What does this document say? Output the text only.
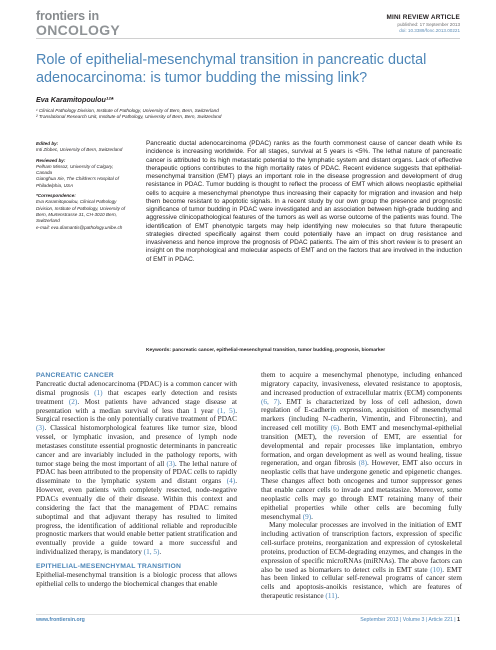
frontiers in
ONCOLOGY
MINI REVIEW ARTICLE
published: 17 September 2013
doi: 10.3389/fonc.2013.00221
Role of epithelial-mesenchymal transition in pancreatic ductal adenocarcinoma: is tumor budding the missing link?
Eva Karamitopoulou¹²*
¹ Clinical Pathology Division, Institute of Pathology, University of Bern, Bern, Switzerland
² Translational Research Unit, Institute of Pathology, University of Bern, Bern, Switzerland
Edited by:
Inti Zlobec, University of Bern, Switzerland
Reviewed by:
Pelham Minsoz, University of Calgary, Canada
Gianghua Xie, The Children's Hospital of Philadelphia, USA
*Correspondence:
Eva Karamitopoulou, Clinical Pathology Division, Institute of Pathology, University of Bern, Murtenstrasse 31, CH-3010 Bern, Switzerland
e-mail: eva.diamantis@pathology.unibe.ch
Pancreatic ductal adenocarcinoma (PDAC) ranks as the fourth commonest cause of cancer death while its incidence is increasing worldwide. For all stages, survival at 5 years is <5%. The lethal nature of pancreatic cancer is attributed to its high metastatic potential to the lymphatic system and distant organs. Lack of effective therapeutic options contributes to the high mortality rates of PDAC. Recent evidence suggests that epithelial-mesenchymal transition (EMT) plays an important role in the disease progression and development of drug resistance in PDAC. Tumor budding is thought to reflect the process of EMT which allows neoplastic epithelial cells to acquire a mesenchymal phenotype thus increasing their capacity for migration and invasion and help them become resistant to apoptotic signals. In a recent study by our own group the presence and prognostic significance of tumor budding in PDAC were investigated and an association between high-grade budding and aggressive clinicopathological features of the tumors as well as worse outcome of the patients was found. The identification of EMT phenotypic targets may help identifying new molecules so that future therapeutic strategies directed specifically against them could potentially have an impact on drug resistance and invasiveness and hence improve the prognosis of PDAC patients. The aim of this short review is to present an insight on the morphological and molecular aspects of EMT and on the factors that are involved in the induction of EMT in PDAC.
Keywords: pancreatic cancer, epithelial-mesenchymal transition, tumor budding, prognosis, biomarker
PANCREATIC CANCER

Pancreatic ductal adenocarcinoma (PDAC) is a common cancer with dismal prognosis (1) that escapes early detection and resists treatment (2). Most patients have advanced stage disease at presentation with a median survival of less than 1 year (1, 5). Surgical resection is the only potentially curative treatment of PDAC (3). Classical histomorphological features like tumor size, blood vessel, or lymphatic invasion, and presence of lymph node metastases constitute essential prognostic determinants in pancreatic cancer and are invariably included in the pathology reports, with tumor stage being the most important of all (3). The lethal nature of PDAC has been attributed to the propensity of PDAC cells to rapidly disseminate to the lymphatic system and distant organs (4). However, even patients with completely resected, node-negative PDACs eventually die of their disease. Within this context and considering the fact that the management of PDAC remains suboptimal and that adjuvant therapy has resulted to limited progress, the identification of additional reliable and reproducible prognostic markers that would enable better patient stratification and eventually provide a guide toward a more successful and individualized therapy, is mandatory (1, 5).

EPITHELIAL-MESENCHYMAL TRANSITION

Epithelial-mesenchymal transition is a biologic process that allows epithelial cells to undergo the biochemical changes that enable

them to acquire a mesenchymal phenotype, including enhanced migratory capacity, invasiveness, elevated resistance to apoptosis, and increased production of extracellular matrix (ECM) components (6, 7). EMT is characterized by loss of cell adhesion, down regulation of E-cadherin expression, acquisition of mesenchymal markers (including N-cadherin, Vimentin, and Fibronectin), and increased cell motility (6). Both EMT and mesenchymal-epithelial transition (MET), the reversion of EMT, are essential for developmental and repair processes like implantation, embryo formation, and organ development as well as wound healing, tissue regeneration, and organ fibrosis (8). However, EMT also occurs in neoplastic cells that have undergone genetic and epigenetic changes. These changes affect both oncogenes and tumor suppressor genes that enable cancer cells to invade and metastasize. Moreover, some neoplastic cells may go through EMT retaining many of their epithelial properties while other cells are becoming fully mesenchymal (9).

Many molecular processes are involved in the initiation of EMT including activation of transcription factors, expression of specific cell-surface proteins, reorganization and expression of cytoskeletal proteins, production of ECM-degrading enzymes, and changes in the expression of specific microRNAs (miRNAs). The above factors can also be used as biomarkers to detect cells in EMT state (10). EMT has been linked to cellular self-renewal programs of cancer stem cells and apoptosis-anoikis resistance, which are features of therapeutic resistance (11).

www.frontiersin.org	September 2013 | Volume 3 | Article 221 | 1
